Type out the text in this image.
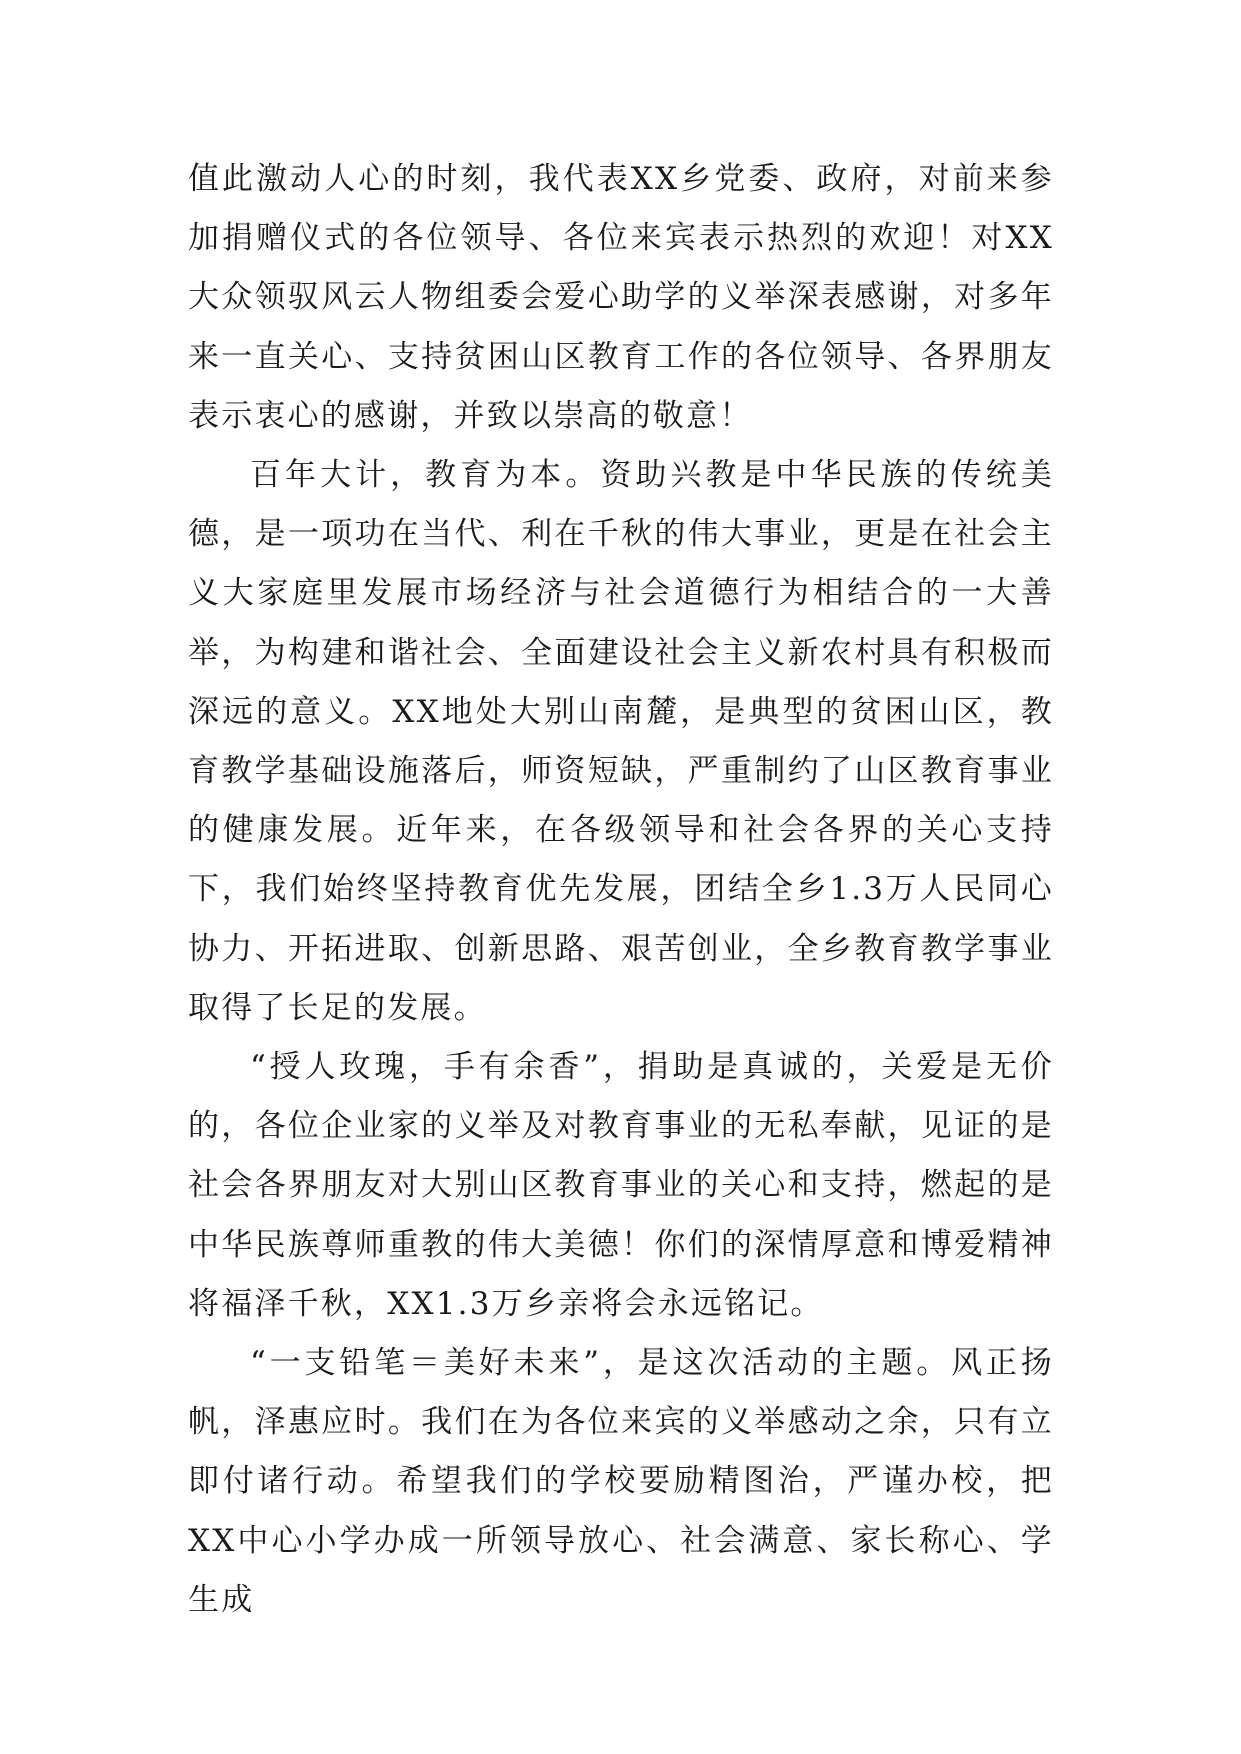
值此激动人心的时刻，我代表XX乡党委、政府，对前来参加捐赠仪式的各位领导、各位来宾表示热烈的欢迎！对XX大众领驭风云人物组委会爱心助学的义举深表感谢，对多年来一直关心、支持贫困山区教育工作的各位领导、各界朋友表示衷心的感谢，并致以崇高的敬意！

百年大计，教育为本。资助兴教是中华民族的传统美德，是一项功在当代、利在千秋的伟大事业，更是在社会主义大家庭里发展市场经济与社会道德行为相结合的一大善举，为构建和谐社会、全面建设社会主义新农村具有积极而深远的意义。XX地处大别山南麓，是典型的贫困山区，教育教学基础设施落后，师资短缺，严重制约了山区教育事业的健康发展。近年来，在各级领导和社会各界的关心支持下，我们始终坚持教育优先发展，团结全乡1.3万人民同心协力、开拓进取、创新思路、艰苦创业，全乡教育教学事业取得了长足的发展。

“授人玫瑰，手有余香”，捐助是真诚的，关爱是无价的，各位企业家的义举及对教育事业的无私奉献，见证的是社会各界朋友对大别山区教育事业的关心和支持，燃起的是中华民族尊师重教的伟大美德！你们的深情厚意和博爱精神将福泽千秋，XX1.3万乡亲将会永远铭记。

“一支铅笔＝美好未来”，是这次活动的主题。风正扬帆，泽惠应时。我们在为各位来宾的义举感动之余，只有立即付诸行动。希望我们的学校要励精图治，严谨办校，把XX中心小学办成一所领导放心、社会满意、家长称心、学生成
